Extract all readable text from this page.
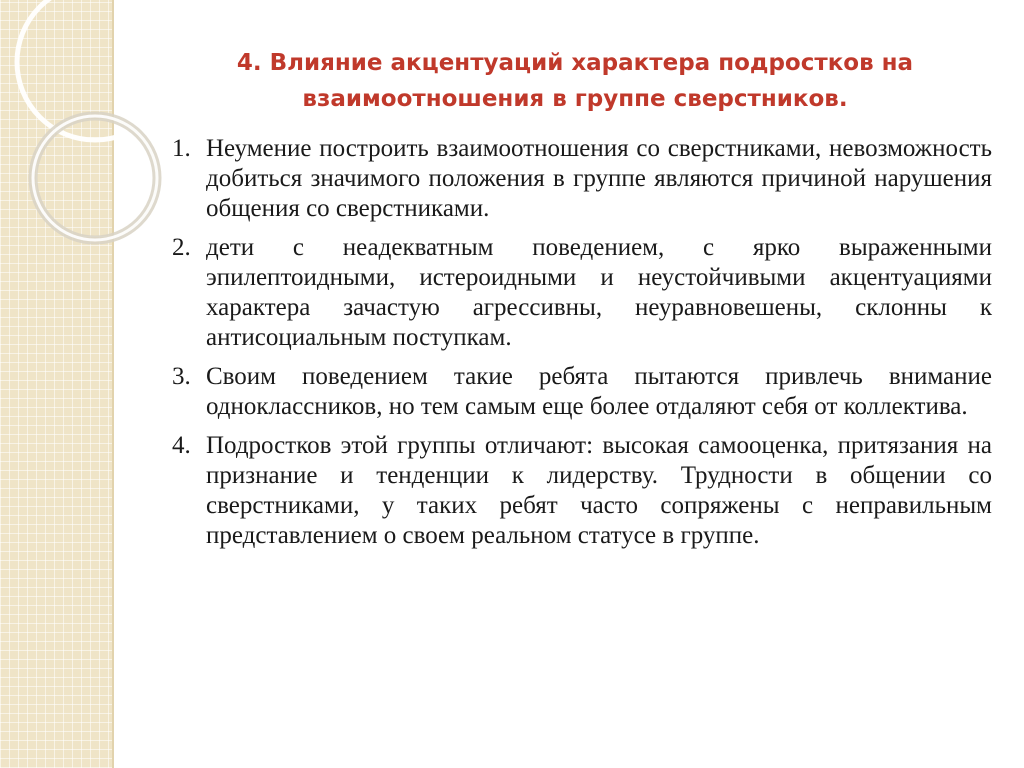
4. Влияние акцентуаций характера подростков на
взаимоотношения в группе сверстников.
1. Неумение построить взаимоотношения со сверстниками, невозможность добиться значимого положения в группе являются причиной нарушения общения со сверстниками.
2. дети с неадекватным поведением, с ярко выраженными эпилептоидными, истероидными и неустойчивыми акцентуациями характера зачастую агрессивны, неуравновешены, склонны к антисоциальным поступкам.
3. Своим поведением такие ребята пытаются привлечь внимание одноклассников, но тем самым еще более отдаляют себя от коллектива.
4. Подростков этой группы отличают: высокая самооценка, притязания на признание и тенденции к лидерству. Трудности в общении со сверстниками, у таких ребят часто сопряжены с неправильным представлением о своем реальном статусе в группе.
